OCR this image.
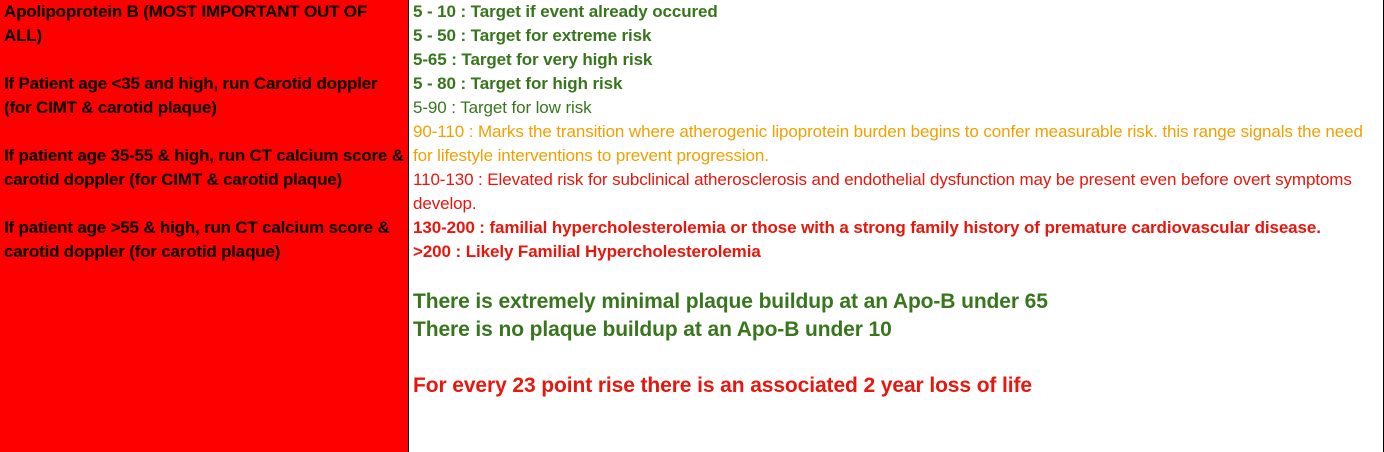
Apolipoprotein B (MOST IMPORTANT OUT OF ALL)

If Patient age <35 and high, run Carotid doppler (for CIMT & carotid plaque)

If patient age 35-55 & high, run CT calcium score & carotid doppler (for CIMT & carotid plaque)

If patient age >55 & high, run CT calcium score & carotid doppler (for carotid plaque)

5 - 10 : Target if event already occured

5 - 50 : Target for extreme risk

5-65 : Target for very high risk

5 - 80 : Target for high risk

5-90 : Target for low risk

90-110 : Marks the transition where atherogenic lipoprotein burden begins to confer measurable risk. this range signals the need for lifestyle interventions to prevent progression.

110-130 : Elevated risk for subclinical atherosclerosis and endothelial dysfunction may be present even before overt symptoms develop.

130-200 : familial hypercholesterolemia or those with a strong family history of premature cardiovascular disease.

>200 : Likely Familial Hypercholesterolemia

There is extremely minimal plaque buildup at an Apo-B under 65

There is no plaque buildup at an Apo-B under 10

For every 23 point rise there is an associated 2 year loss of life
